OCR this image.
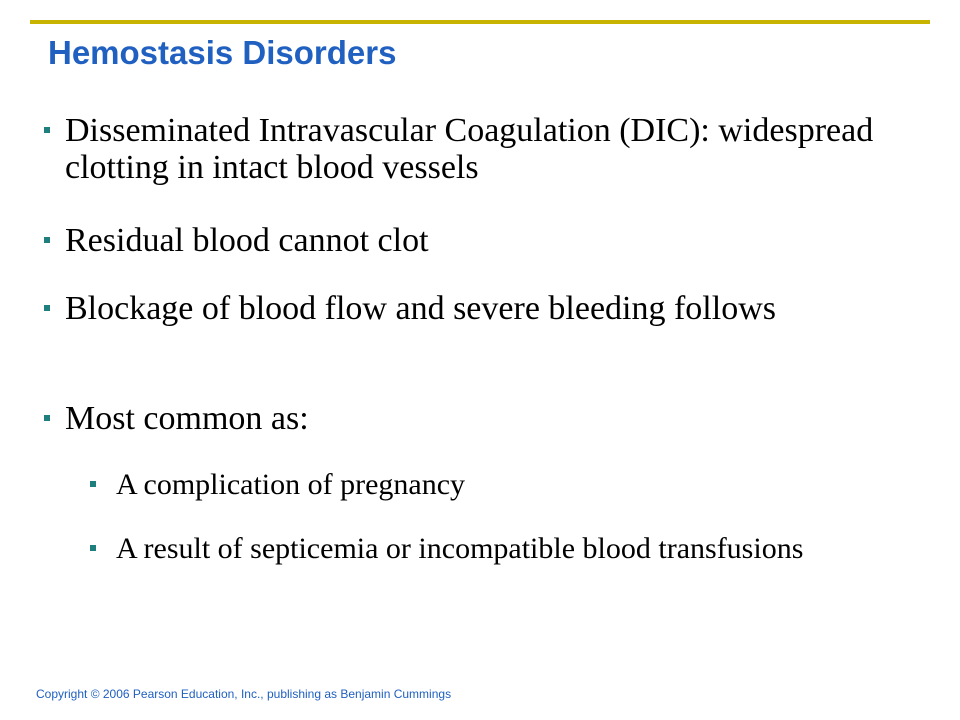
Hemostasis Disorders
Disseminated Intravascular Coagulation (DIC): widespread clotting in intact blood vessels
Residual blood cannot clot
Blockage of blood flow and severe bleeding follows
Most common as:
A complication of pregnancy
A result of septicemia or incompatible blood transfusions
Copyright © 2006 Pearson Education, Inc., publishing as Benjamin Cummings
